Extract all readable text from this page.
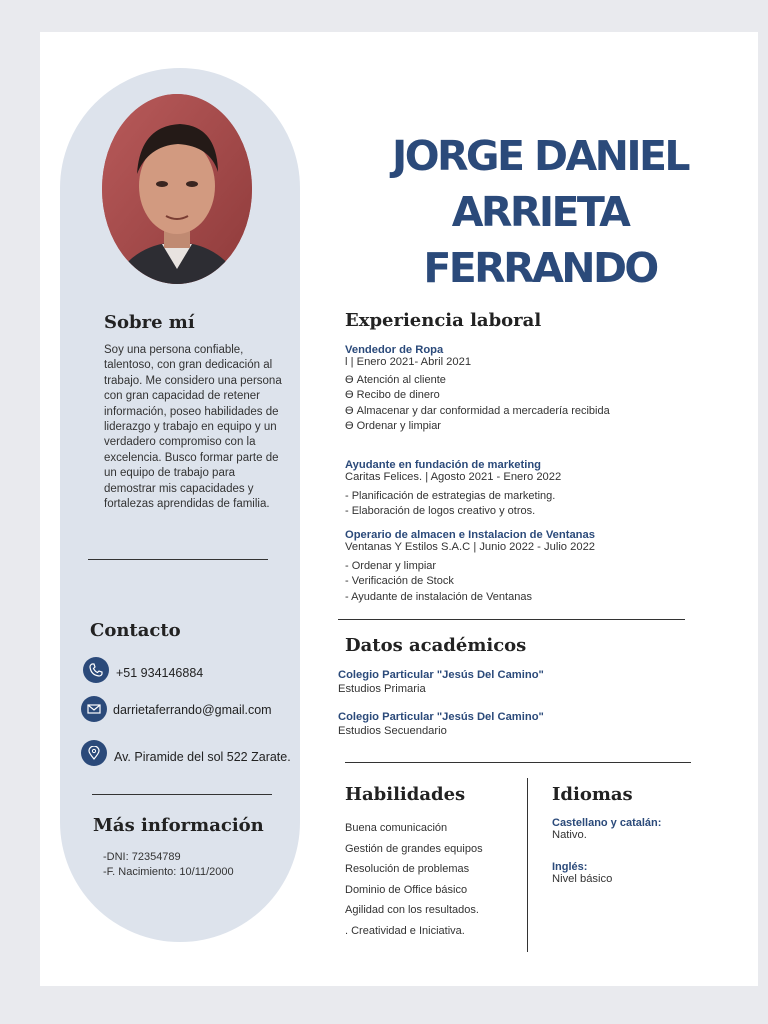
JORGE DANIEL ARRIETA FERRANDO
Sobre mí
Soy una persona confiable, talentoso, con gran dedicación al trabajo. Me considero una persona con gran capacidad de retener información, poseo habilidades de liderazgo y trabajo en equipo y un verdadero compromiso con la excelencia. Busco formar parte de un equipo de trabajo para demostrar mis capacidades y fortalezas aprendidas de familia.
Contacto
+51 934146884
darrietaferrando@gmail.com
Av. Piramide del sol 522 Zarate.
Más información
-DNI: 72354789
-F. Nacimiento: 10/11/2000
Experiencia laboral
Vendedor de Ropa
l | Enero 2021- Abril 2021
ϴ Atención al cliente
ϴ Recibo de dinero
ϴ Almacenar y dar conformidad a mercadería recibida
ϴ Ordenar y limpiar
Ayudante en fundación de marketing
Caritas Felices. | Agosto 2021 - Enero 2022
- Planificación de estrategias de marketing.
- Elaboración de logos creativo y otros.
Operario de almacen e Instalacion de Ventanas
Ventanas Y Estilos S.A.C | Junio 2022 - Julio 2022
- Ordenar y limpiar
- Verificación de Stock
- Ayudante de instalación de Ventanas
Datos académicos
Colegio Particular "Jesús Del Camino"
Estudios Primaria
Colegio Particular "Jesús Del Camino"
Estudios Secuendario
Habilidades
Buena comunicación
Gestión de grandes equipos
Resolución de problemas
Dominio de Office básico
Agilidad con los resultados.
. Creatividad e Iniciativa.
Idiomas
Castellano y catalán:
Nativo.
Inglés:
Nivel básico
